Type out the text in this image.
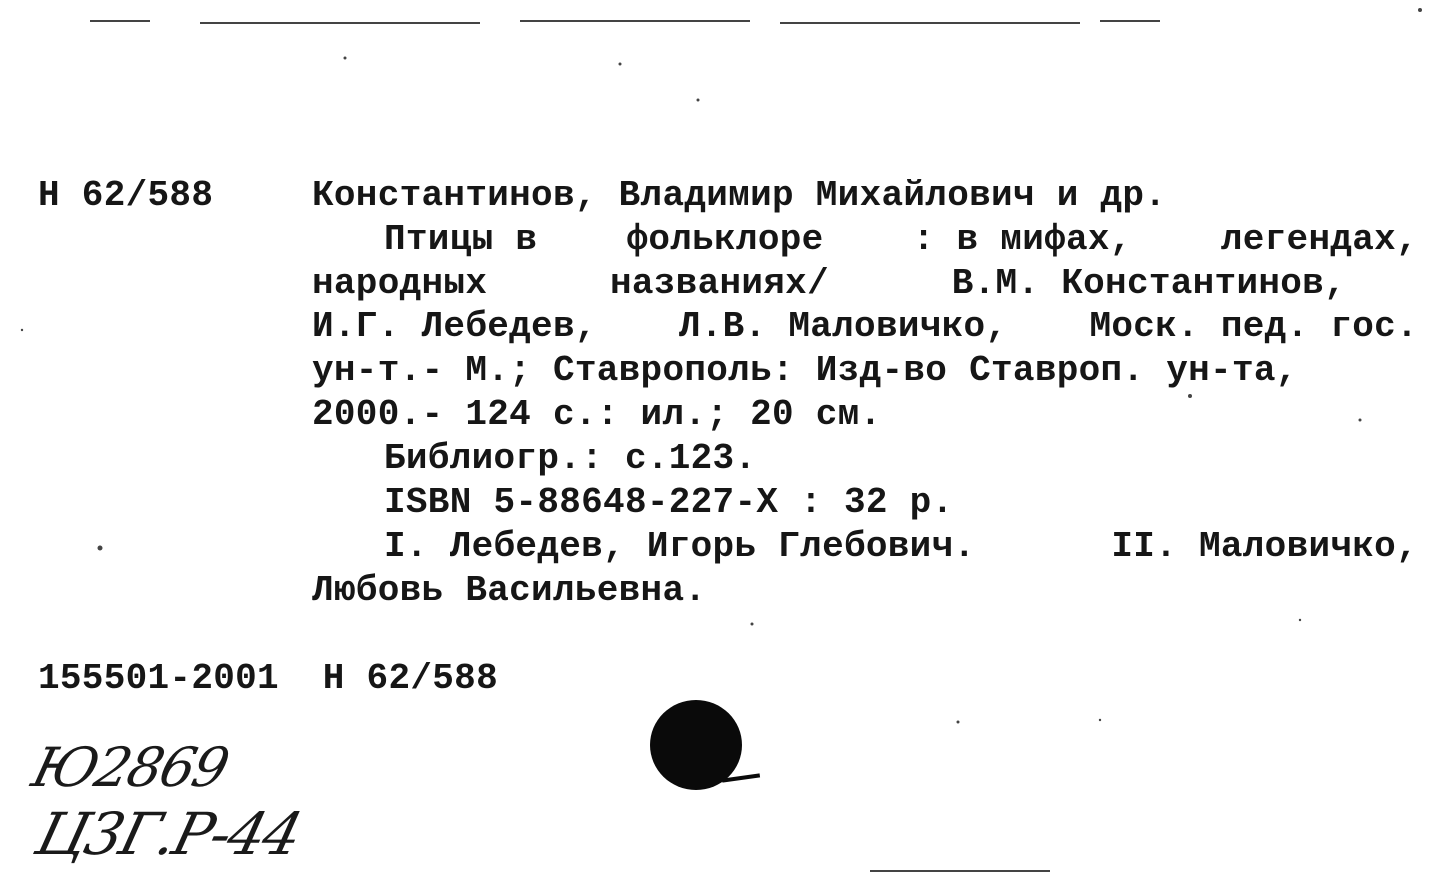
Н 62/588	Константинов, Владимир Михайлович и др.
Птицы в фольклоре : в мифах, легендах,
народных	названиях/	В.М. Константинов,
И.Г. Лебедев, Л.В. Маловичко, Моск. пед. гос.
ун-т.- М.; Ставрополь: Изд-во Ставроп. ун-та,
2000.- 124 с.: ил.; 20 см.
Библиогр.: с.123.
ISBN 5-88648-227-X : 32 р.
I. Лебедев, Игорь Глебович.	II. Маловичко,
Любовь Васильевна.
155501-2001  Н 62/588
Ю2869
Ц3Г.Р-44
